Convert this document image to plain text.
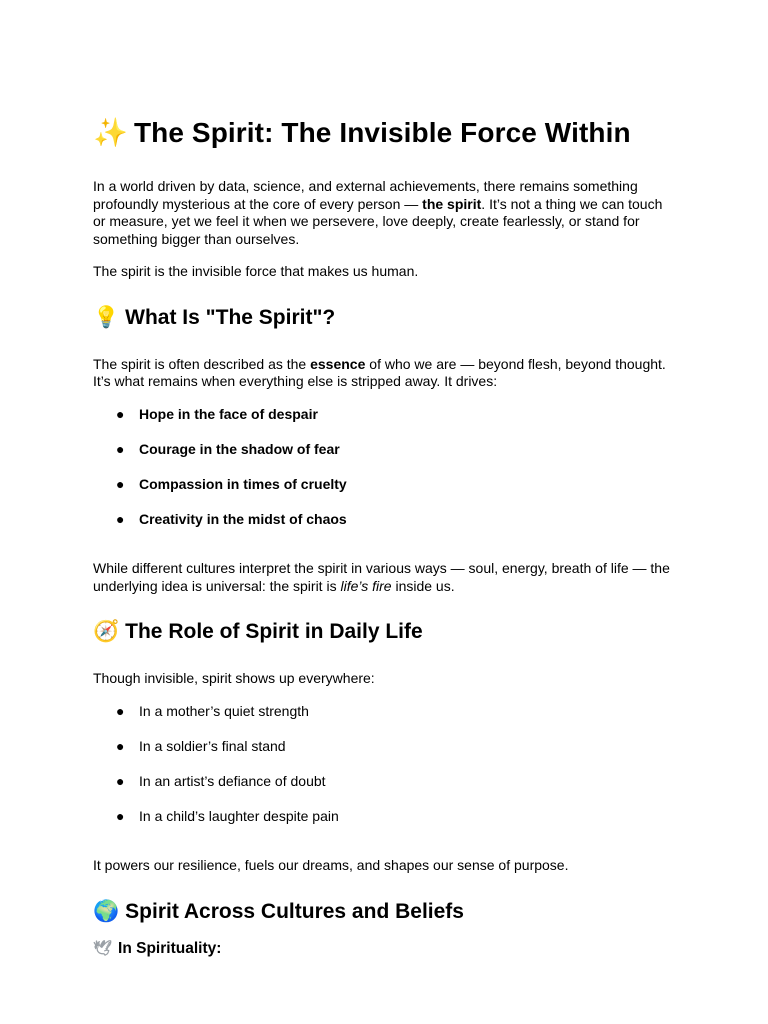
✨ The Spirit: The Invisible Force Within

In a world driven by data, science, and external achievements, there remains something profoundly mysterious at the core of every person — the spirit. It’s not a thing we can touch or measure, yet we feel it when we persevere, love deeply, create fearlessly, or stand for something bigger than ourselves.

The spirit is the invisible force that makes us human.

💡 What Is "The Spirit"?

The spirit is often described as the essence of who we are — beyond flesh, beyond thought. It’s what remains when everything else is stripped away. It drives:

● Hope in the face of despair
● Courage in the shadow of fear
● Compassion in times of cruelty
● Creativity in the midst of chaos

While different cultures interpret the spirit in various ways — soul, energy, breath of life — the underlying idea is universal: the spirit is life’s fire inside us.

🧭 The Role of Spirit in Daily Life

Though invisible, spirit shows up everywhere:

● In a mother’s quiet strength
● In a soldier’s final stand
● In an artist’s defiance of doubt
● In a child’s laughter despite pain

It powers our resilience, fuels our dreams, and shapes our sense of purpose.

🌍 Spirit Across Cultures and Beliefs
🕊 In Spirituality:
